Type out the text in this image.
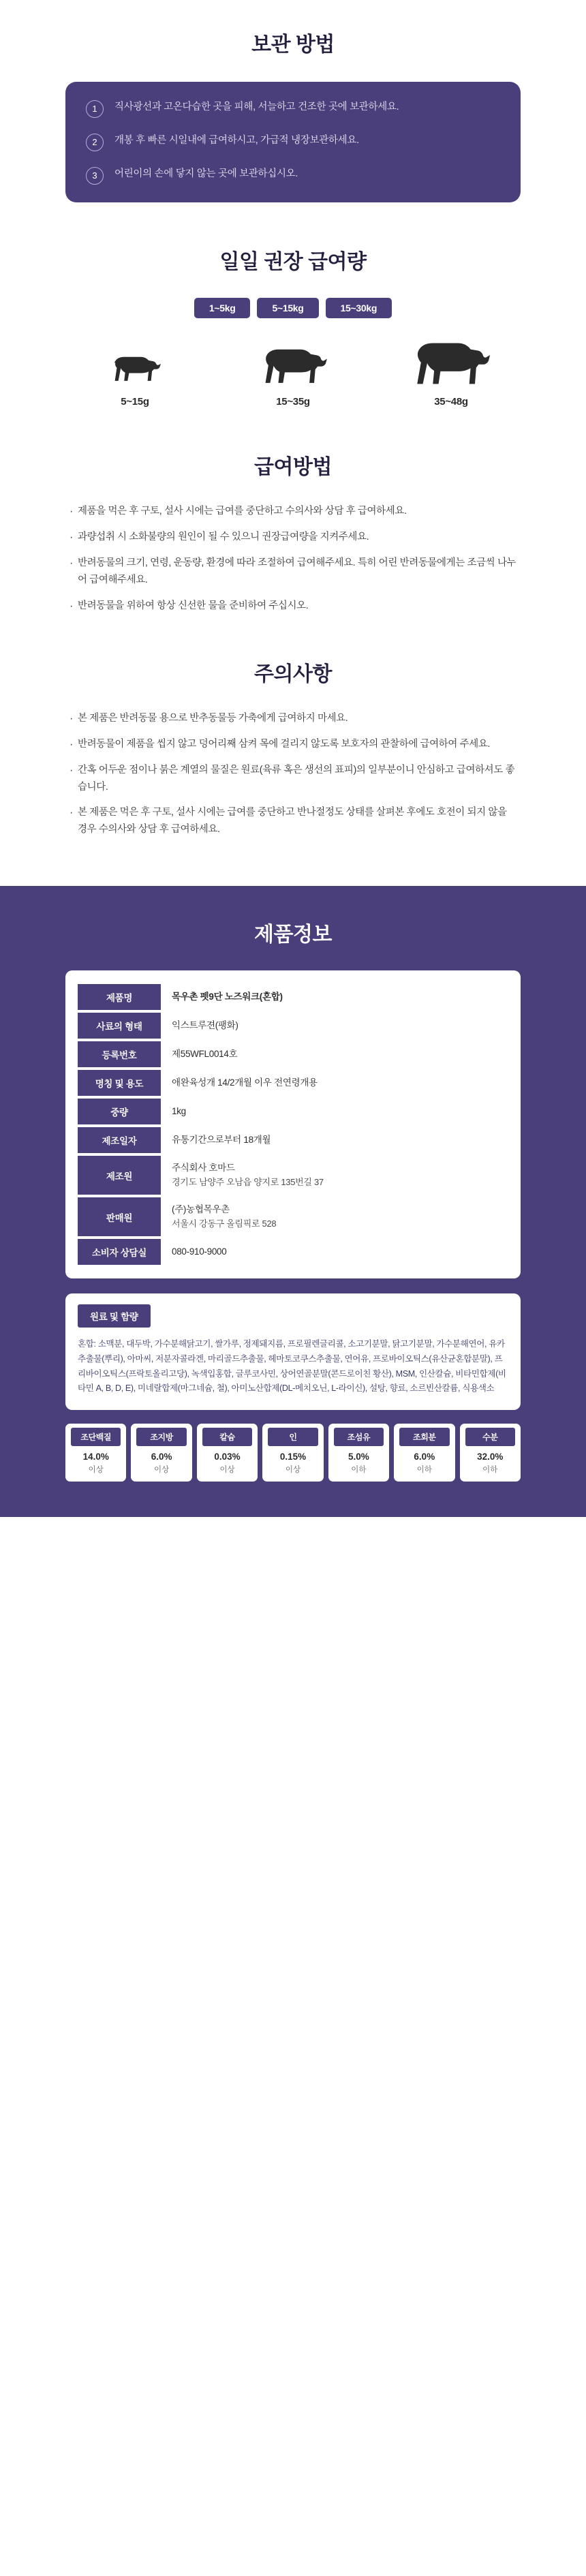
보관 방법
1	직사광선과 고온다습한 곳을 피해, 서늘하고 건조한 곳에 보관하세요.
2	개봉 후 빠른 시일내에 급여하시고, 가급적 냉장보관하세요.
3	어린이의 손에 닿지 않는 곳에 보관하십시오.
일일 권장 급여량
1~5kg	5~15kg	15~30kg
5~15g	15~35g	35~48g
급여방법
· 제품을 먹은 후 구토, 설사 시에는 급여를 중단하고 수의사와 상담 후 급여하세요.
· 과량섭취 시 소화불량의 원인이 될 수 있으니 권장급여량을 지켜주세요.
· 반려동물의 크기, 연령, 운동량, 환경에 따라 조절하여 급여해주세요. 특히 어린 반려동물에게는 조금씩 나누어 급여해주세요.
· 반려동물을 위하여 항상 신선한 물을 준비하여 주십시오.
주의사항
· 본 제품은 반려동물 용으로 반추동물등 가축에게 급여하지 마세요.
· 반려동물이 제품을 씹지 않고 덩어리째 삼켜 목에 걸리지 않도록 보호자의 관찰하에 급여하여 주세요.
· 간혹 어두운 점이나 붉은 계열의 물질은 원료(육류 혹은 생선의 표피)의 일부분이니 안심하고 급여하셔도 좋습니다.
· 본 제품은 먹은 후 구토, 설사 시에는 급여를 중단하고 반나절정도 상태를 살펴본 후에도 호전이 되지 않을 경우 수의사와 상담 후 급여하세요.
제품정보
제품명	목우촌 펫9단 노즈워크(혼합)
사료의 형태	익스트루젼(팽화)
등록번호	제55WFL0014호
명칭 및 용도	애완육성개 14/2개월 이우 전연령개용
중량	1kg
제조일자	유통기간으로부터 18개월
제조원	주식회사 호마드
경기도 남양주 오남읍 양지로 135번길 37

판매원	(주)농협목우촌
서울시 강동구 올림픽로 528

소비자 상담실	080-910-9000
원료 및 함량
혼합: 소맥분, 대두박, 가수분해닭고기, 쌀가루, 정제돼지름, 프로필렌글리콜, 소고기분말, 닭고기분말, 가수분해연어, 유카추출물(뿌리), 아마씨, 저분자콜라겐, 마리골드추출물, 헤마토코쿠스추출물, 연어유, 프로바이오틱스(유산균혼합분말), 프리바이오틱스(프락토올리고당), 녹색입홍합, 글루코사민, 상어연골분말(콘드로이친 황산), MSM, 인산칼슘, 비타민합제(비타민 A, B, D, E), 미네랄합제(마그네슘, 철), 아미노산합제(DL-메치오닌, L-라이신), 설탕, 향료, 소르빈산칼륨, 식용색소
조단백질
14.0%
이상
조지방
6.0%
이상
칼슘
0.03%
이상
인
0.15%
이상
조섬유
5.0%
이하
조회분
6.0%
이하
수분
32.0%
이하
